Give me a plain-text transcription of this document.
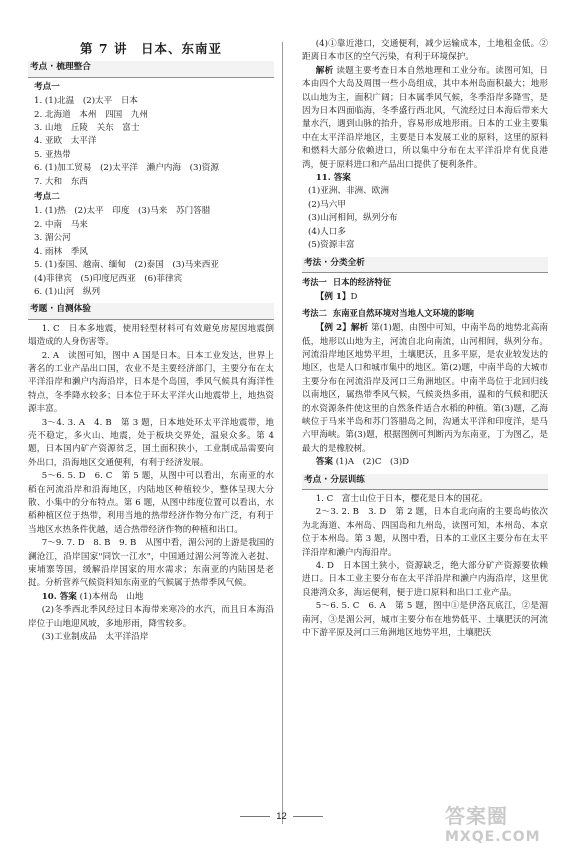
第 7 讲　日本、东南亚
考点 · 梳理整合
考点一
1. (1)北温　(2)太平　日本
2. 北海道　本州　四国　九州
3. 山地　丘陵　关东　富士
4. 亚欧　太平洋
5. 亚热带
6. (1)加工贸易　(2)太平洋　濑户内海　(3)资源
7. 大和　东西
考点二
1. (1)热　(2)太平　印度　(3)马来　苏门答腊
2. 中南　马来
3. 湄公河
4. 雨林　季风
5. (1)泰国、越南、缅甸　(2)泰国　(3)马来西亚
(4)菲律宾　(5)印度尼西亚　(6)菲律宾
6. (1)山河　纵列
考题 · 自测体验

1. C　日本多地震，使用轻型材料可有效避免房屋因地震倒塌造成的人身伤害等。

2. A　读图可知，图中 A 国是日本。日本工业发达，世界上著名的工业产品出口国，农业不是主要经济部门，主要分布在太平洋沿岸和濑户内海沿岸，日本是个岛国，季风气候具有海洋性特点，冬季降水较多；日本位于环太平洋火山地震带上，地热资源丰富。

3～4. 3. A　4. B　第 3 题，日本地处环太平洋地震带，地壳不稳定，多火山、地震，处于板块交界处，温泉众多。第 4 题，日本国内矿产资源贫乏，国土面积狭小，工业制成品需要向外出口，沿海地区交通便利，有利于经济发展。

5～6. 5. D　6. C　第 5 题，从图中可以看出，东南亚的水稻在河流沿岸和沿海地区，内陆地区种植较少，整体呈现大分散、小集中的分布特点。第 6 题，从图中纬度位置可以看出，水稻种植区位于热带，利用当地的热带经济作物分布广泛，有利于当地区水热条件优越，适合热带经济作物的种植和出口。

7～9. 7. D　8. B　9. B　从图中看，湄公河的上游是我国的澜沧江，沿岸国家"同饮一江水"，中国通过湄公河等流入老挝、柬埔寨等国，缓解沿岸国家的用水需求；东南亚的内陆国是老挝。分析营养气候资料知东南亚的气候属于热带季风气候。

10. 答案 (1)本州岛　山地

(2)冬季西北季风经过日本海带来寒冷的水汽，而且日本海沿岸位于山地迎风坡，多地形雨，降雪较多。

(3)工业制成品　太平洋沿岸

(4)①靠近港口，交通便利，减少运输成本，土地租金低。②距离日本市区的空气污染，有利于环境保护。

解析 读题主要考查日本自然地理和工业分布。读图可知，日本由四个大岛及周围一些小岛组成，其中本州岛面积最大；地形以山地为主，面积广阔；日本属季风气候，冬季沿岸多降雪，是因为日本四面临海，冬季盛行西北风，气流经过日本海后带来大量水汽，遇到山脉的抬升，容易形成地形雨。日本的工业主要集中在太平洋沿岸地区，主要是日本发展工业的原料，这里的原料和燃料大部分依赖进口，所以集中分布在太平洋沿岸有优良港湾，便于原料进口和产品出口提供了便利条件。

11. 答案

(1)亚洲、非洲、欧洲
(2)马六甲
(3)山河相间，纵列分布
(4)人口多
(5)资源丰富
考法 · 分类全析
考法一 日本的经济特征

【例 1】D

考法二 东南亚自然环境对当地人文环境的影响

【例 2】解析 第(1)题，由图中可知，中南半岛的地势北高南低，地形以山地为主，河流自北向南流，山河相间，纵列分布。河流沿岸地区地势平坦，土壤肥沃，且多平原，是农业较发达的地区，也是人口和城市集中的地区。第(2)题，中南半岛的大城市主要分布在河流沿岸及河口三角洲地区。中南半岛位于北回归线以南地区，属热带季风气候，气候炎热多雨，温和的气候和肥沃的水资源条件使这里的自然条件适合水稻的种植。第(3)题，乙海峡位于马来半岛和苏门答腊岛之间，沟通太平洋和印度洋，是马六甲海峡。第(3)题，根据图例可判断丙为东南亚，丁为图乙，是最大的是橡胶树。

答案 (1)A　(2)C　(3)D

考点 · 分层训练

1. C　富士山位于日本，樱花是日本的国花。

2～3. 2. B　3. D　第 2 题，日本自北向南的主要岛屿依次为北海道、本州岛、四国岛和九州岛，读图可知，本州岛、本京位于本州岛。第 3 题，从图中看，日本的工业区主要分布在太平洋沿岸和濑户内海沿岸。

4. D　日本国土狭小，资源缺乏，绝大部分矿产资源要依赖进口。日本工业主要分布在太平洋沿岸和濑户内海沿岸，这里优良港湾众多，海运便利，便于进口原料和出口工业产品。

5～6. 5. C　6. A　第 5 题，图中①是伊洛瓦底江，②是湄南河，③是湄公河，城市主要分布在地势低平、土壤肥沃的河流中下游平原及河口三角洲地区地势平坦，土壤肥沃

12	答案圈
MXQE.COM
